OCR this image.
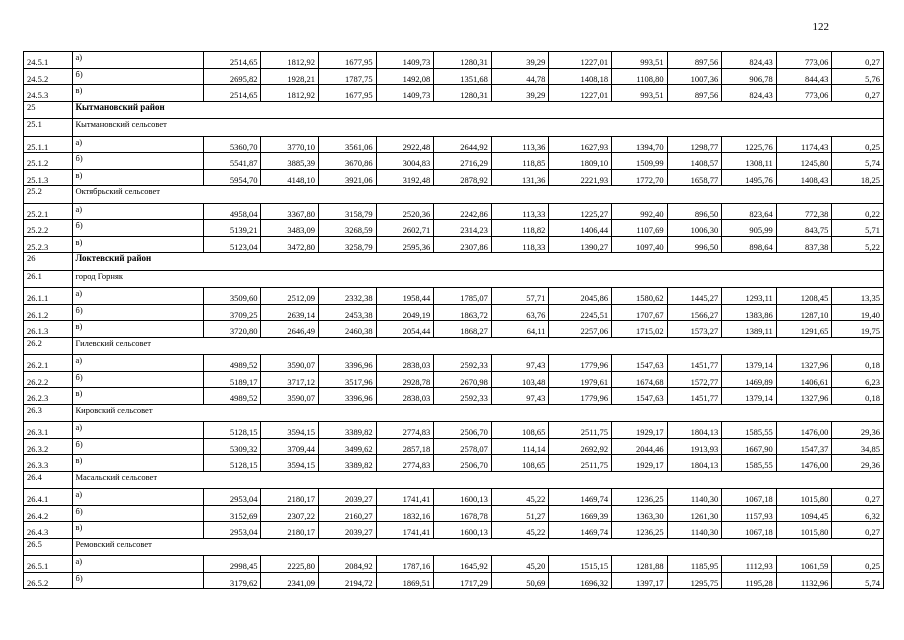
122
24.5.1	а)	2514,65	1812,92	1677,95	1409,73	1280,31	39,29	1227,01	993,51	897,56	824,43	773,06	0,27
24.5.2	б)	2695,82	1928,21	1787,75	1492,08	1351,68	44,78	1408,18	1108,80	1007,36	906,78	844,43	5,76
24.5.3	в)	2514,65	1812,92	1677,95	1409,73	1280,31	39,29	1227,01	993,51	897,56	824,43	773,06	0,27
25	Кытмановский район												
25.1	Кытмановский сельсовет												
25.1.1	а)	5360,70	3770,10	3561,06	2922,48	2644,92	113,36	1627,93	1394,70	1298,77	1225,76	1174,43	0,25
25.1.2	б)	5541,87	3885,39	3670,86	3004,83	2716,29	118,85	1809,10	1509,99	1408,57	1308,11	1245,80	5,74
25.1.3	в)	5954,70	4148,10	3921,06	3192,48	2878,92	131,36	2221,93	1772,70	1658,77	1495,76	1408,43	18,25
25.2	Октябрьский сельсовет												
25.2.1	а)	4958,04	3367,80	3158,79	2520,36	2242,86	113,33	1225,27	992,40	896,50	823,64	772,38	0,22
25.2.2	б)	5139,21	3483,09	3268,59	2602,71	2314,23	118,82	1406,44	1107,69	1006,30	905,99	843,75	5,71
25.2.3	в)	5123,04	3472,80	3258,79	2595,36	2307,86	118,33	1390,27	1097,40	996,50	898,64	837,38	5,22
26	Локтевский район												
26.1	город Горняк												
26.1.1	а)	3509,60	2512,09	2332,38	1958,44	1785,07	57,71	2045,86	1580,62	1445,27	1293,11	1208,45	13,35
26.1.2	б)	3709,25	2639,14	2453,38	2049,19	1863,72	63,76	2245,51	1707,67	1566,27	1383,86	1287,10	19,40
26.1.3	в)	3720,80	2646,49	2460,38	2054,44	1868,27	64,11	2257,06	1715,02	1573,27	1389,11	1291,65	19,75
26.2	Гилевский сельсовет												
26.2.1	а)	4989,52	3590,07	3396,96	2838,03	2592,33	97,43	1779,96	1547,63	1451,77	1379,14	1327,96	0,18
26.2.2	б)	5189,17	3717,12	3517,96	2928,78	2670,98	103,48	1979,61	1674,68	1572,77	1469,89	1406,61	6,23
26.2.3	в)	4989,52	3590,07	3396,96	2838,03	2592,33	97,43	1779,96	1547,63	1451,77	1379,14	1327,96	0,18
26.3	Кировский сельсовет												
26.3.1	а)	5128,15	3594,15	3389,82	2774,83	2506,70	108,65	2511,75	1929,17	1804,13	1585,55	1476,00	29,36
26.3.2	б)	5309,32	3709,44	3499,62	2857,18	2578,07	114,14	2692,92	2044,46	1913,93	1667,90	1547,37	34,85
26.3.3	в)	5128,15	3594,15	3389,82	2774,83	2506,70	108,65	2511,75	1929,17	1804,13	1585,55	1476,00	29,36
26.4	Масальский сельсовет												
26.4.1	а)	2953,04	2180,17	2039,27	1741,41	1600,13	45,22	1469,74	1236,25	1140,30	1067,18	1015,80	0,27
26.4.2	б)	3152,69	2307,22	2160,27	1832,16	1678,78	51,27	1669,39	1363,30	1261,30	1157,93	1094,45	6,32
26.4.3	в)	2953,04	2180,17	2039,27	1741,41	1600,13	45,22	1469,74	1236,25	1140,30	1067,18	1015,80	0,27
26.5	Ремовский сельсовет												
26.5.1	а)	2998,45	2225,80	2084,92	1787,16	1645,92	45,20	1515,15	1281,88	1185,95	1112,93	1061,59	0,25
26.5.2	б)	3179,62	2341,09	2194,72	1869,51	1717,29	50,69	1696,32	1397,17	1295,75	1195,28	1132,96	5,74
